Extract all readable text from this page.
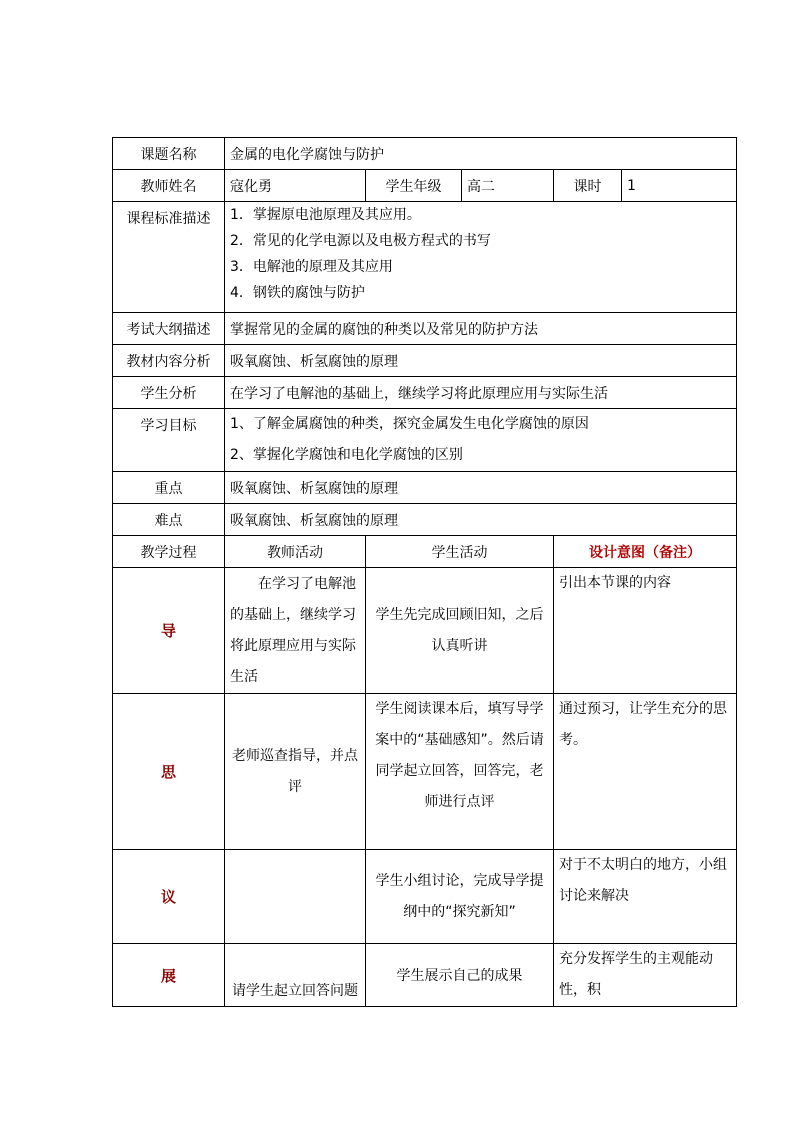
课题名称	金属的电化学腐蚀与防护				
教师姓名	寇化勇	学生年级	高二	课时	1
课程标准描述	1．掌握原电池原理及其应用。
2．常见的化学电源以及电极方程式的书写
3．电解池的原理及其应用
4．钢铁的腐蚀与防护				

考试大纲描述	掌握常见的金属的腐蚀的种类以及常见的防护方法				
教材内容分析	吸氧腐蚀、析氢腐蚀的原理				
学生分析	在学习了电解池的基础上，继续学习将此原理应用与实际生活				
学习目标	1、了解金属腐蚀的种类，探究金属发生电化学腐蚀的原因
2、掌握化学腐蚀和电化学腐蚀的区别				

重点	吸氧腐蚀、析氢腐蚀的原理				
难点	吸氧腐蚀、析氢腐蚀的原理				
教学过程	教师活动	学生活动		设计意图（备注）	
导	在学习了电解池的基础上，继续学习将此原理应用与实际生活	学生先完成回顾旧知，之后认真听讲		引出本节课的内容	
思	老师巡查指导，并点评	学生阅读课本后，填写导学案中的“基础感知”。然后请同学起立回答，回答完，老师进行点评		通过预习，让学生充分的思考。	
议		学生小组讨论，完成导学提纲中的“探究新知”		对于不太明白的地方，小组讨论来解决	
展	请学生起立回答问题	学生展示自己的成果		充分发挥学生的主观能动性，积	
